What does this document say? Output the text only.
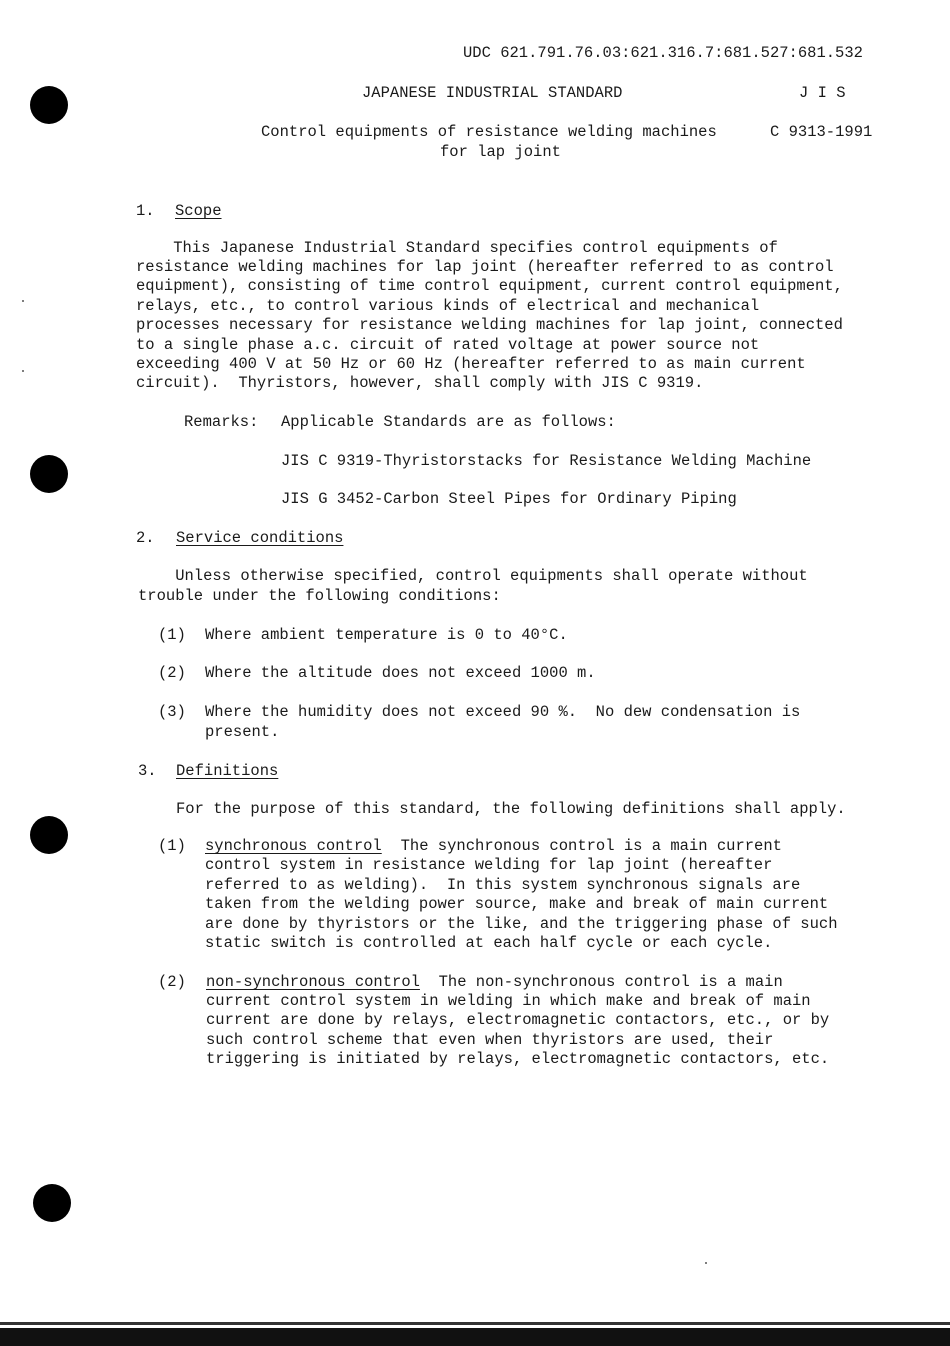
UDC 621.791.76.03:621.316.7:681.527:681.532
JAPANESE INDUSTRIAL STANDARD	J I S
Control equipments of resistance welding machines	C 9313-1991
for lap joint
1. Scope
This Japanese Industrial Standard specifies control equipments of
resistance welding machines for lap joint (hereafter referred to as control
equipment), consisting of time control equipment, current control equipment,
relays, etc., to control various kinds of electrical and mechanical
processes necessary for resistance welding machines for lap joint, connected
to a single phase a.c. circuit of rated voltage at power source not
exceeding 400 V at 50 Hz or 60 Hz (hereafter referred to as main current
circuit).  Thyristors, however, shall comply with JIS C 9319.
Remarks: Applicable Standards are as follows:
JIS C 9319-Thyristorstacks for Resistance Welding Machine
JIS G 3452-Carbon Steel Pipes for Ordinary Piping
2. Service conditions
Unless otherwise specified, control equipments shall operate without
trouble under the following conditions:
(1) Where ambient temperature is 0 to 40°C.
(2) Where the altitude does not exceed 1000 m.
(3) Where the humidity does not exceed 90 %.  No dew condensation is
present.
3. Definitions
For the purpose of this standard, the following definitions shall apply.
(1) synchronous control The synchronous control is a main current
control system in resistance welding for lap joint (hereafter
referred to as welding).  In this system synchronous signals are
taken from the welding power source, make and break of main current
are done by thyristors or the like, and the triggering phase of such
static switch is controlled at each half cycle or each cycle.
(2) non-synchronous control The non-synchronous control is a main
current control system in welding in which make and break of main
current are done by relays, electromagnetic contactors, etc., or by
such control scheme that even when thyristors are used, their
triggering is initiated by relays, electromagnetic contactors, etc.
